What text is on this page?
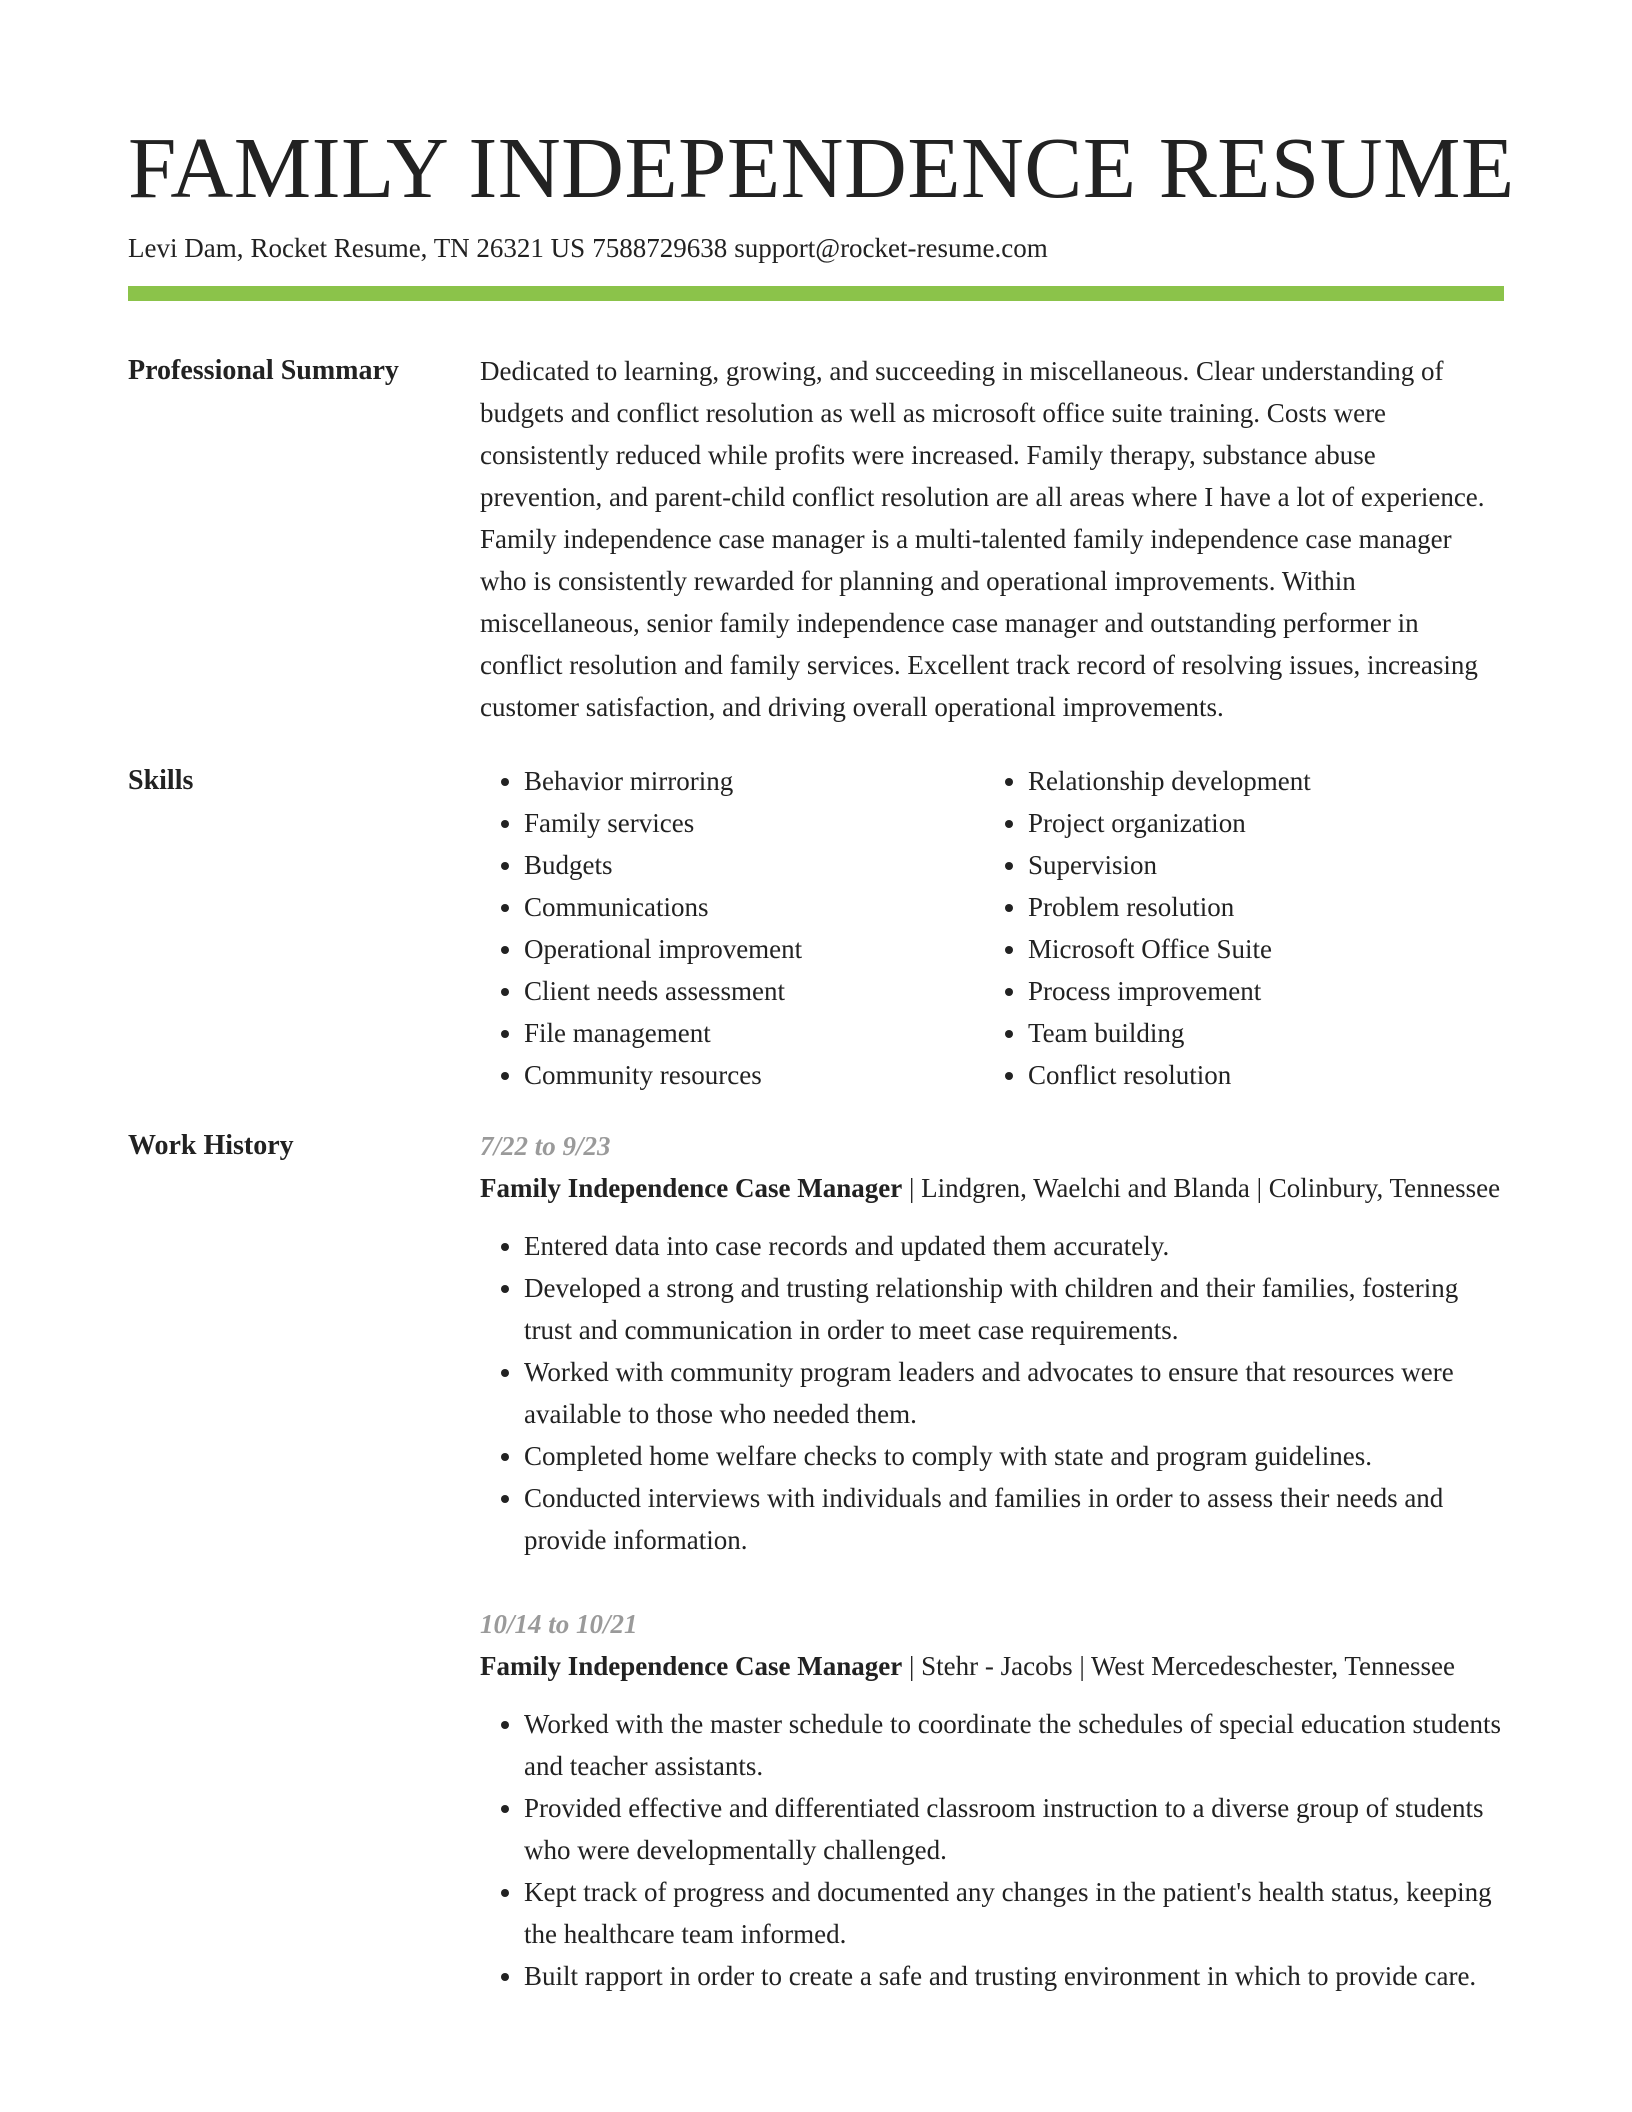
FAMILY INDEPENDENCE RESUME
Levi Dam, Rocket Resume, TN 26321 US 7588729638 support@rocket-resume.com
Professional Summary	Dedicated to learning, growing, and succeeding in miscellaneous. Clear understanding of budgets and conflict resolution as well as microsoft office suite training. Costs were consistently reduced while profits were increased. Family therapy, substance abuse prevention, and parent-child conflict resolution are all areas where I have a lot of experience. Family independence case manager is a multi-talented family independence case manager who is consistently rewarded for planning and operational improvements. Within miscellaneous, senior family independence case manager and outstanding performer in conflict resolution and family services. Excellent track record of resolving issues, increasing customer satisfaction, and driving overall operational improvements.

Skills
•	Behavior mirroring
• Family services
• Budgets
• Communications
• Operational improvement
• Client needs assessment
• File management
• Community resources
• Relationship development
• Project organization
• Supervision
• Problem resolution
• Microsoft Office Suite
• Process improvement
• Team building
• Conflict resolution
Work History	7/22 to 9/23
Family Independence Case Manager | Lindgren, Waelchi and Blanda | Colinbury, Tennessee
• Entered data into case records and updated them accurately.
• Developed a strong and trusting relationship with children and their families, fostering trust and communication in order to meet case requirements.
• Worked with community program leaders and advocates to ensure that resources were available to those who needed them.
• Completed home welfare checks to comply with state and program guidelines.
• Conducted interviews with individuals and families in order to assess their needs and provide information.
10/14 to 10/21
Family Independence Case Manager | Stehr - Jacobs | West Mercedeschester, Tennessee
• Worked with the master schedule to coordinate the schedules of special education students and teacher assistants.
• Provided effective and differentiated classroom instruction to a diverse group of students who were developmentally challenged.
• Kept track of progress and documented any changes in the patient's health status, keeping the healthcare team informed.
• Built rapport in order to create a safe and trusting environment in which to provide care.
